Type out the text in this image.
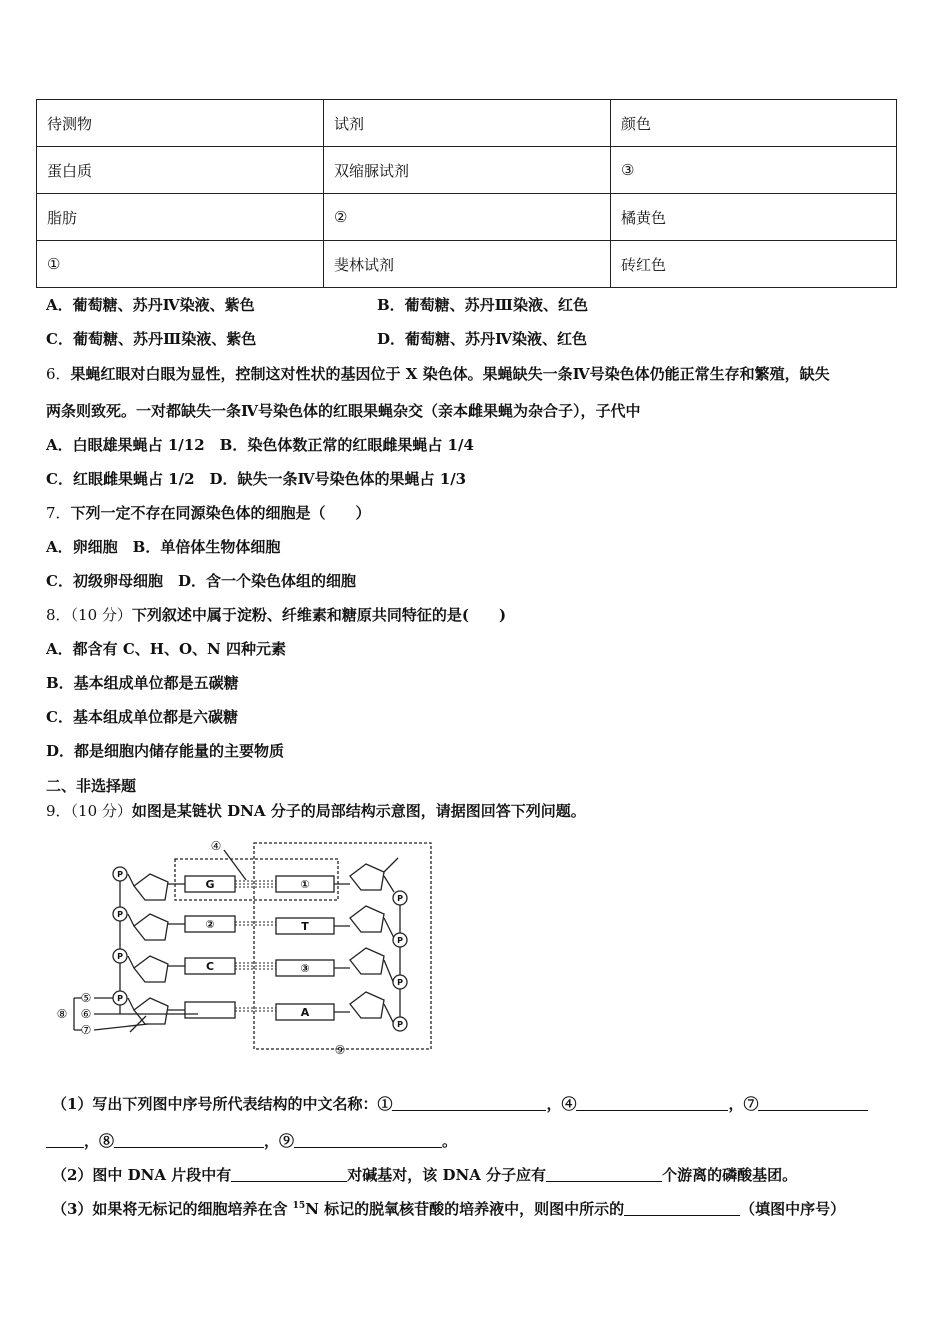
待测物	试剂	颜色
蛋白质	双缩脲试剂	③
脂肪	②	橘黄色
①	斐林试剂	砖红色
A．葡萄糖、苏丹Ⅳ染液、紫色	B．葡萄糖、苏丹Ⅲ染液、红色
C．葡萄糖、苏丹Ⅲ染液、紫色	D．葡萄糖、苏丹Ⅳ染液、红色
6．果蝇红眼对白眼为显性，控制这对性状的基因位于 X 染色体。果蝇缺失一条Ⅳ号染色体仍能正常生存和繁殖，缺失
两条则致死。一对都缺失一条Ⅳ号染色体的红眼果蝇杂交（亲本雌果蝇为杂合子），子代中
A．白眼雄果蝇占 1/12　B．染色体数正常的红眼雌果蝇占 1/4
C．红眼雌果蝇占 1/2　D．缺失一条Ⅳ号染色体的果蝇占 1/3
7．下列一定不存在同源染色体的细胞是（　　）
A．卵细胞　B．单倍体生物体细胞
C．初级卵母细胞　D．含一个染色体组的细胞
8．（10 分）下列叙述中属于淀粉、纤维素和糖原共同特征的是(　　)
A．都含有 C、H、O、N 四种元素
B．基本组成单位都是五碳糖
C．基本组成单位都是六碳糖
D．都是细胞内储存能量的主要物质
二、非选择题
9．（10 分）如图是某链状 DNA 分子的局部结构示意图，请据图回答下列问题。
P
P
P
P
P
P
P
P
G
②
C
①
T
③
A
④
⑤
⑥
⑦
⑧
⑨
（1）写出下列图中序号所代表结构的中文名称：①	，④	，⑦
，⑧	，⑨	。
（2）图中 DNA 片段中有	对碱基对，该 DNA 分子应有	个游离的磷酸基团。
（3）如果将无标记的细胞培养在含 $^{15}$N 标记的脱氧核苷酸的培养液中，则图中所示的	（填图中序号）
